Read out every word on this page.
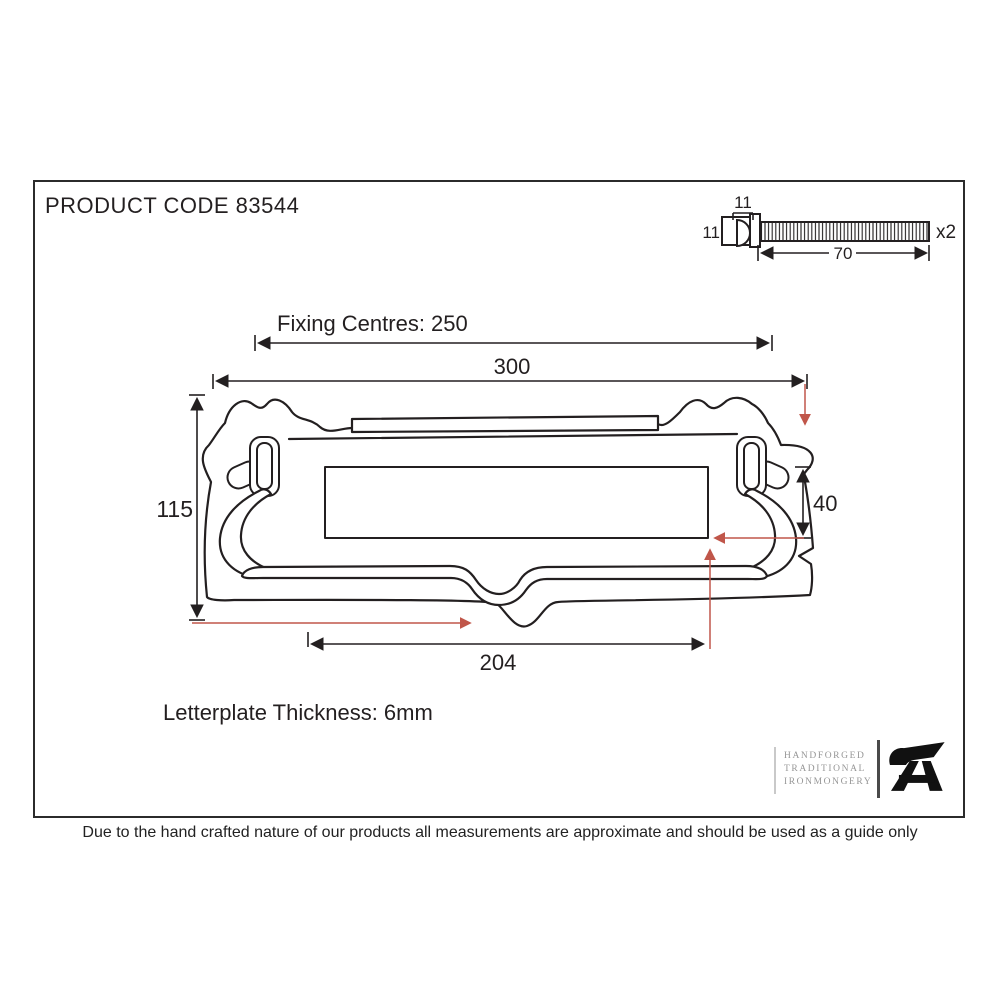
PRODUCT CODE 83544	11
11
70
x2
Fixing Centres: 250
300
115	40
204
Letterplate Thickness: 6mm
HANDFORGED
TRADITIONAL
IRONMONGERY
Due to the hand crafted nature of our products all measurements are approximate and should be used as a guide only
